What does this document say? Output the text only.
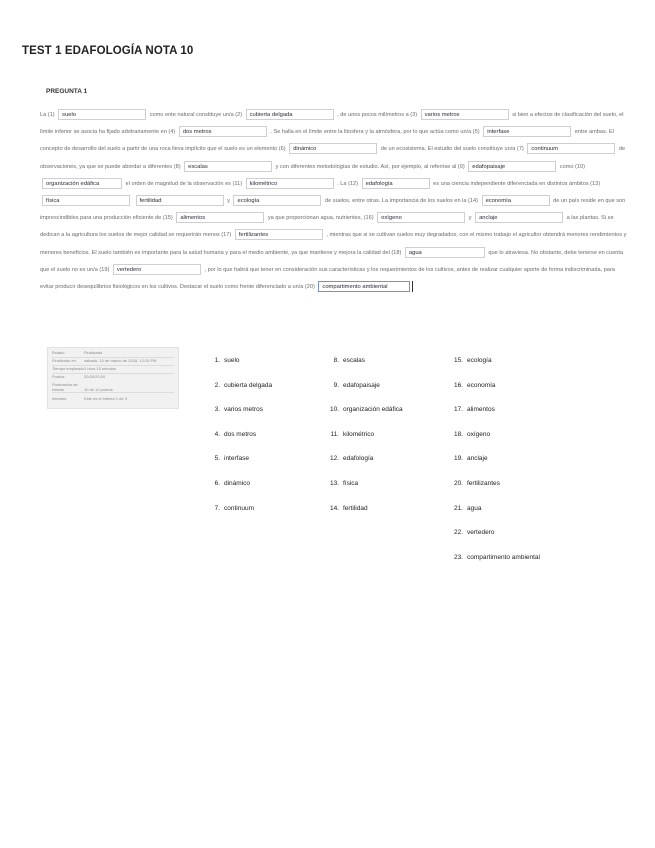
TEST 1 EDAFOLOGÍA NOTA 10
PREGUNTA 1
La (1) suelo	como ente natural constituye un/a (2) cubierta delgada	, de unos pocos milímetros a (3) varios metros	si bien a efectos de clasificación del suelo, el límite inferior se asocia ha fijado arbitrariamente en (4) dos metros	. Se halla en el límite entre la litosfera y la atmósfera, por lo que actúa como un/a (5) interfase	entre ambas. El concepto de desarrollo del suelo a partir de una roca lleva implícito que el suelo es un elemento (6) dinámico	de un ecosistema. El estudio del suelo constituye un/a (7) continuum	de observaciones, ya que se puede abordar a diferentes (8) escalas	y con diferentes metodologías de estudio. Así, por ejemplo, al referirse al (9) edafopaisaje	como (10) organización edáfica	el orden de magnitud de la observación es (11) kilométrico	. La (12) edafología	es una ciencia independiente diferenciada en distintos ámbitos (13) física	fertilidad	y ecología	de suelos, entre otras. La importancia de los suelos en la (14) economía	de un país reside en que son imprescindibles para una producción eficiente de (15) alimentos	ya que proporcionan agua, nutrientes, (16) oxígeno	y anclaje	a las plantas. Si se dedican a la agricultura los suelos de mejor calidad se requerirán menos (17) fertilizantes	, mientras que si se cultivan suelos muy degradados, con el mismo trabajo el agricultor obtendrá menores rendimientos y menores beneficios. El suelo también es importante para la salud humana y para el medio ambiente, ya que mantiene y mejora la calidad del (18) agua	que lo atraviesa. No obstante, debe tenerse en cuenta que el suelo no es un/a (19) vertedero	, por lo que habrá que tener en consideración sus características y los requerimientos de los cultivos, antes de realizar cualquier aporte de forma indiscriminada, para evitar producir desequilibrios fisiológicos en los cultivos. Destacar el suelo como frente diferenciado a un/a (20) compartimento ambiental
Estado	Finalizado
Finalizado en sábado, 10 de marzo de 2018, 12:24 PM
Tiempo empleado1 hora 13 minutos
Puntos	20,00/20,00
Puntuación de Intento	10 de 10 puntos
Intentos	Este es el intento 1 de 3
1. suelo
2. cubierta delgada
3. varios metros
4. dos metros
5. interfase
6. dinámico
7. continuum
8. escalas
9. edafopaisaje
10. organización edáfica
11. kilométrico
12. edafología
13. física
14. fertilidad
15. ecología
16. economía
17. alimentos
18. oxígeno
19. anclaje
20. fertilizantes
21. agua
22. vertedero
23. compartimento ambiental
